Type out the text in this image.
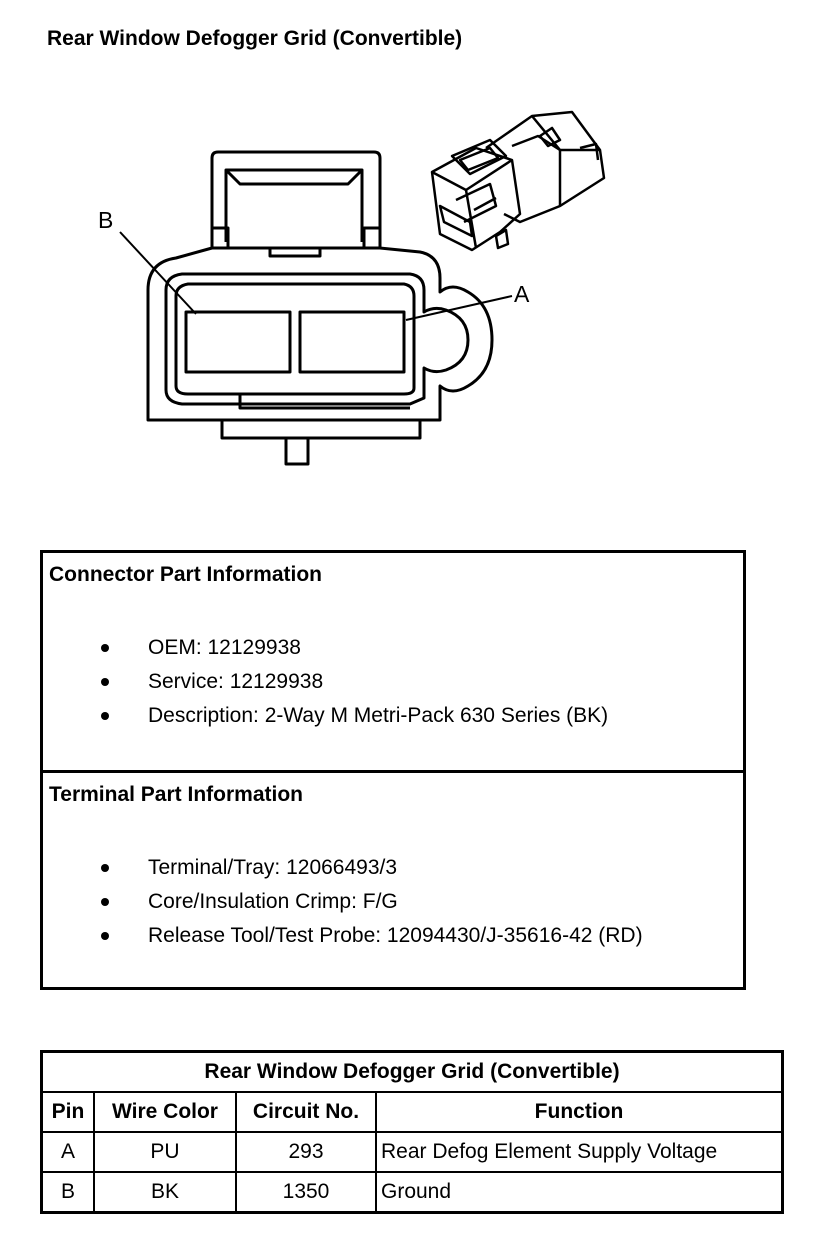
Rear Window Defogger Grid (Convertible)
B
A
Connector Part Information
OEM: 12129938
Service: 12129938
Description: 2-Way M Metri-Pack 630 Series (BK)
Terminal Part Information
Terminal/Tray: 12066493/3
Core/Insulation Crimp: F/G
Release Tool/Test Probe: 12094430/J-35616-42 (RD)
Rear Window Defogger Grid (Convertible)			
Pin	Wire Color	Circuit No.	Function
A	PU	293	Rear Defog Element Supply Voltage
B	BK	1350	Ground
